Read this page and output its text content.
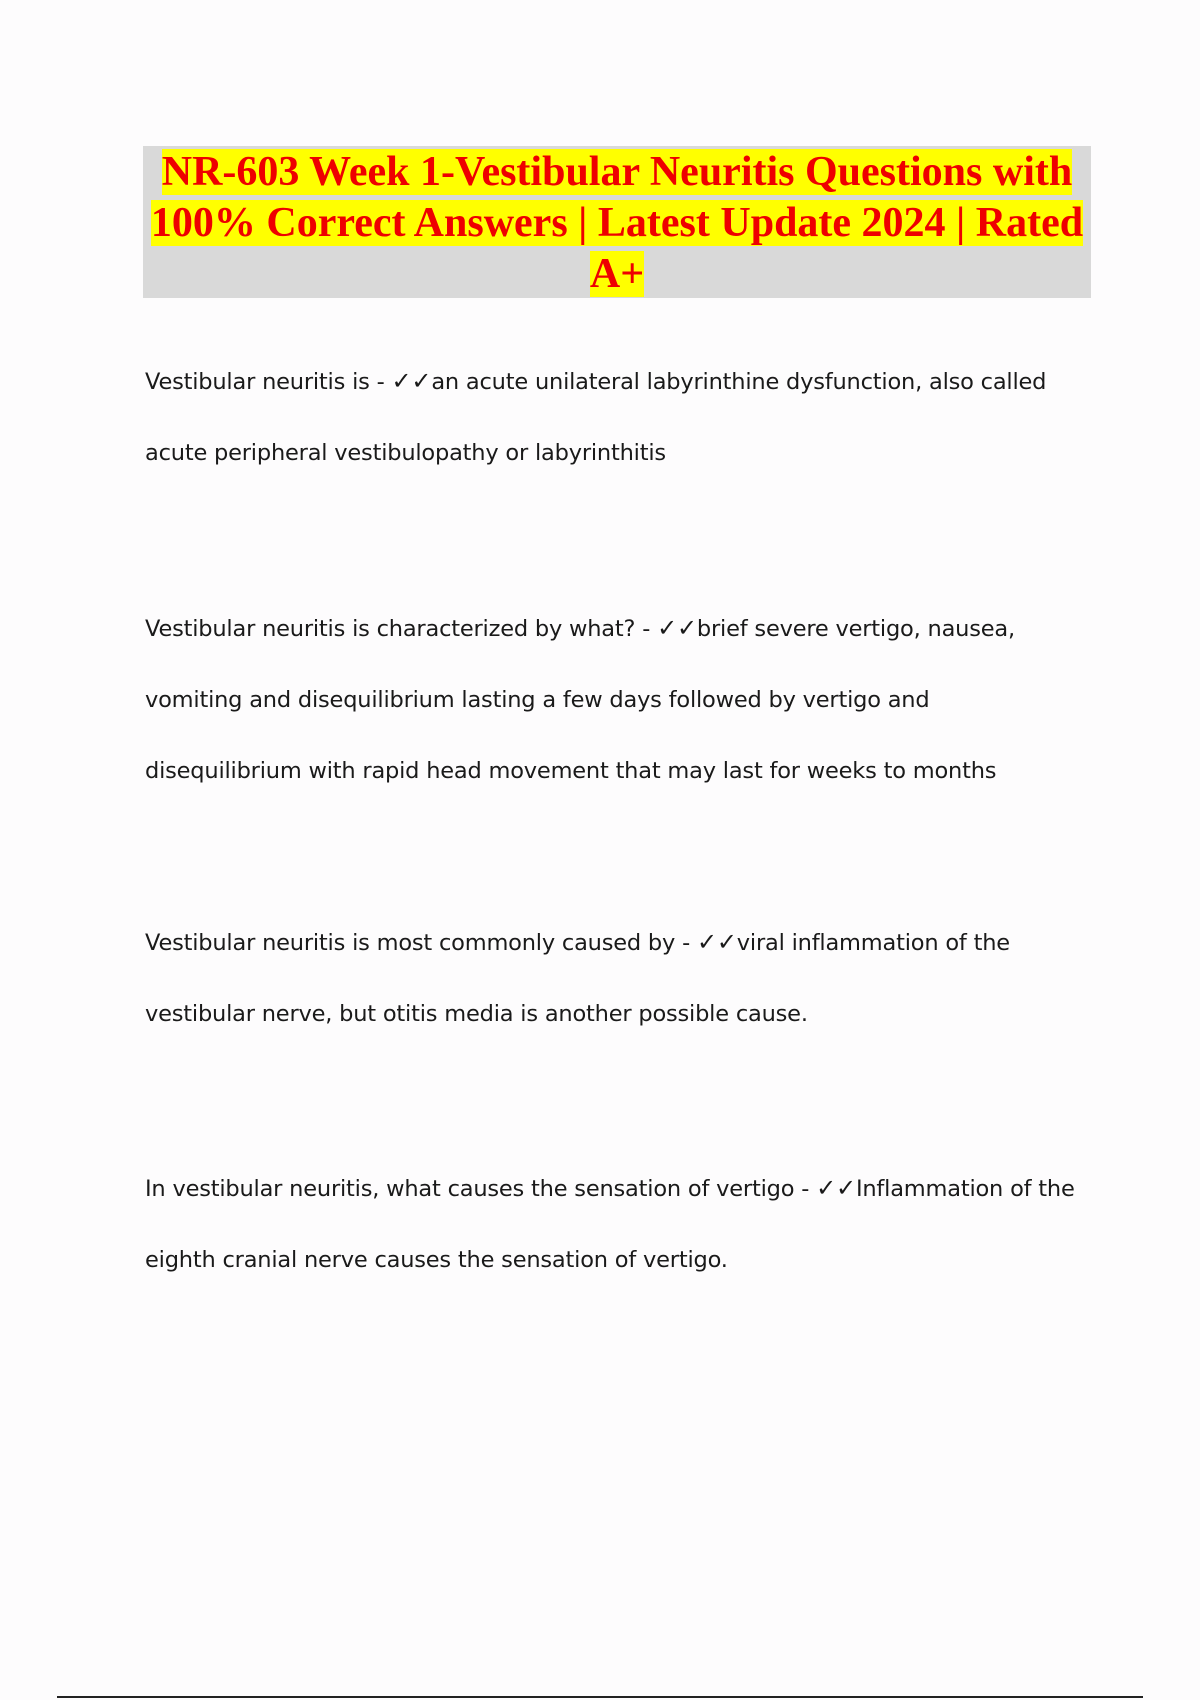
NR-603 Week 1-Vestibular Neuritis Questions with 100% Correct Answers | Latest Update 2024 | Rated A+

Vestibular neuritis is - ✓✓an acute unilateral labyrinthine dysfunction, also called acute peripheral vestibulopathy or labyrinthitis

Vestibular neuritis is characterized by what? - ✓✓brief severe vertigo, nausea, vomiting and disequilibrium lasting a few days followed by vertigo and disequilibrium with rapid head movement that may last for weeks to months

Vestibular neuritis is most commonly caused by - ✓✓viral inflammation of the vestibular nerve, but otitis media is another possible cause.

In vestibular neuritis, what causes the sensation of vertigo - ✓✓Inflammation of the eighth cranial nerve causes the sensation of vertigo.
